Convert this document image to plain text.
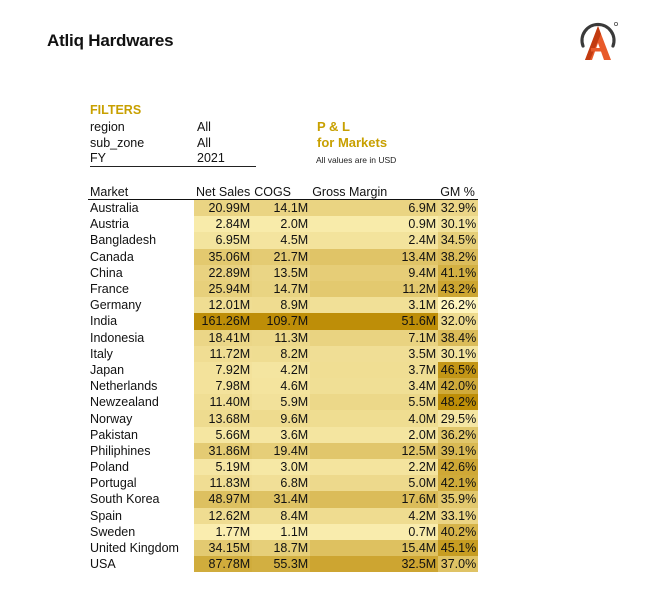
Atliq Hardwares
FILTERS
region	All
sub_zone	All
FY	2021
P & L
for Markets
All values are in USD
Market	Net Sales	COGS	Gross Margin	GM %
Australia	20.99M	14.1M	6.9M	32.9%
Austria	2.84M	2.0M	0.9M	30.1%
Bangladesh	6.95M	4.5M	2.4M	34.5%
Canada	35.06M	21.7M	13.4M	38.2%
China	22.89M	13.5M	9.4M	41.1%
France	25.94M	14.7M	11.2M	43.2%
Germany	12.01M	8.9M	3.1M	26.2%
India	161.26M	109.7M	51.6M	32.0%
Indonesia	18.41M	11.3M	7.1M	38.4%
Italy	11.72M	8.2M	3.5M	30.1%
Japan	7.92M	4.2M	3.7M	46.5%
Netherlands	7.98M	4.6M	3.4M	42.0%
Newzealand	11.40M	5.9M	5.5M	48.2%
Norway	13.68M	9.6M	4.0M	29.5%
Pakistan	5.66M	3.6M	2.0M	36.2%
Philiphines	31.86M	19.4M	12.5M	39.1%
Poland	5.19M	3.0M	2.2M	42.6%
Portugal	11.83M	6.8M	5.0M	42.1%
South Korea	48.97M	31.4M	17.6M	35.9%
Spain	12.62M	8.4M	4.2M	33.1%
Sweden	1.77M	1.1M	0.7M	40.2%
United Kingdom	34.15M	18.7M	15.4M	45.1%
USA	87.78M	55.3M	32.5M	37.0%
